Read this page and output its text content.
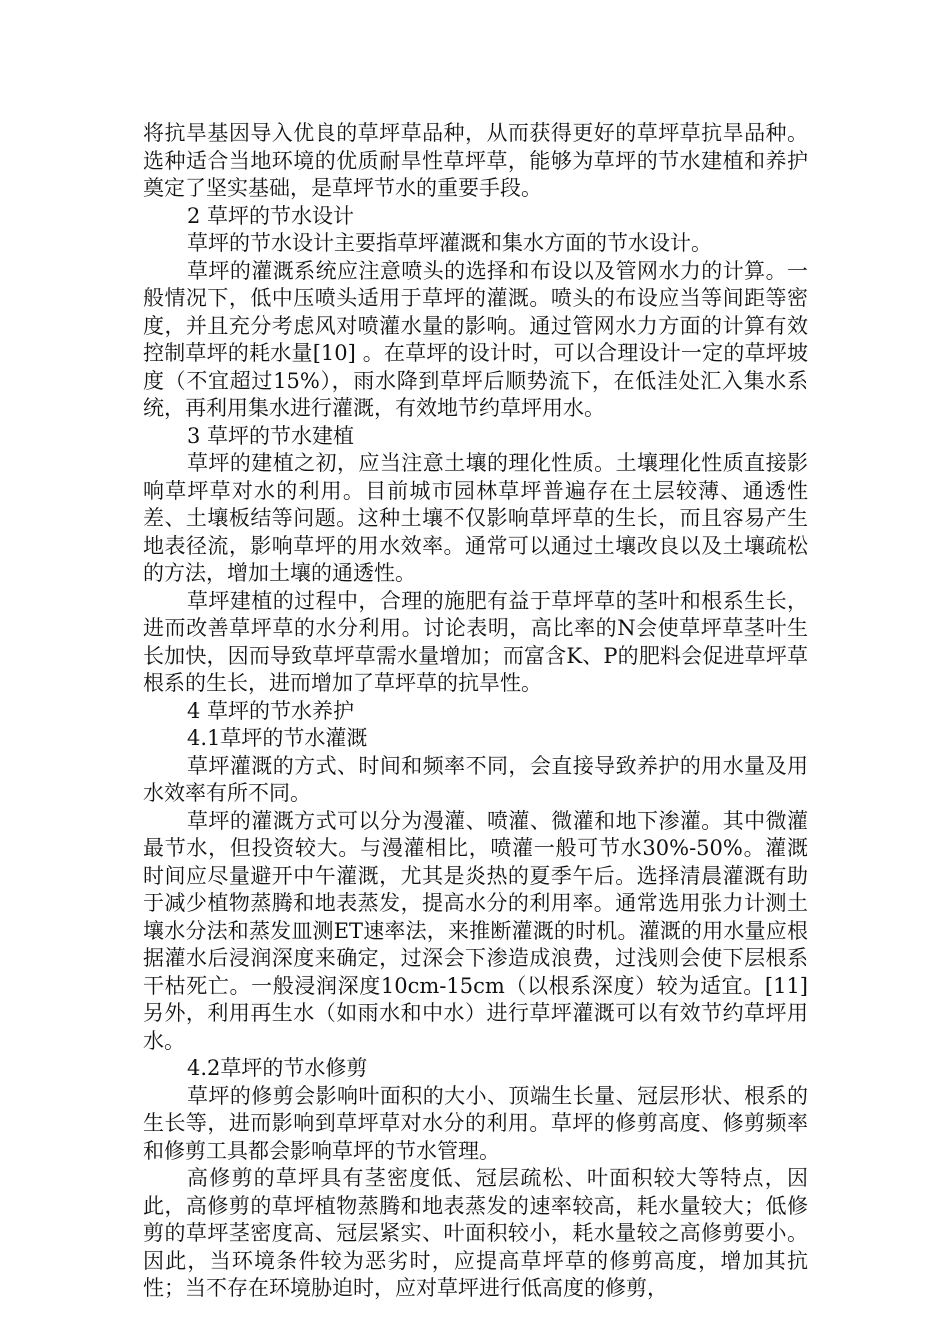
将抗旱基因导入优良的草坪草品种，从而获得更好的草坪草抗旱品种。选种适合当地环境的优质耐旱性草坪草，能够为草坪的节水建植和养护奠定了坚实基础，是草坪节水的重要手段。

2 草坪的节水设计

草坪的节水设计主要指草坪灌溉和集水方面的节水设计。

草坪的灌溉系统应注意喷头的选择和布设以及管网水力的计算。一般情况下，低中压喷头适用于草坪的灌溉。喷头的布设应当等间距等密度，并且充分考虑风对喷灌水量的影响。通过管网水力方面的计算有效控制草坪的耗水量[10] 。在草坪的设计时，可以合理设计一定的草坪坡度（不宜超过15%），雨水降到草坪后顺势流下，在低洼处汇入集水系统，再利用集水进行灌溉，有效地节约草坪用水。

3 草坪的节水建植

草坪的建植之初，应当注意土壤的理化性质。土壤理化性质直接影响草坪草对水的利用。目前城市园林草坪普遍存在土层较薄、通透性差、土壤板结等问题。这种土壤不仅影响草坪草的生长，而且容易产生地表径流，影响草坪的用水效率。通常可以通过土壤改良以及土壤疏松的方法，增加土壤的通透性。

草坪建植的过程中，合理的施肥有益于草坪草的茎叶和根系生长，进而改善草坪草的水分利用。讨论表明，高比率的N会使草坪草茎叶生长加快，因而导致草坪草需水量增加；而富含K、P的肥料会促进草坪草根系的生长，进而增加了草坪草的抗旱性。

4 草坪的节水养护
4.1草坪的节水灌溉

草坪灌溉的方式、时间和频率不同，会直接导致养护的用水量及用水效率有所不同。

草坪的灌溉方式可以分为漫灌、喷灌、微灌和地下渗灌。其中微灌最节水，但投资较大。与漫灌相比，喷灌一般可节水30%-50%。灌溉时间应尽量避开中午灌溉，尤其是炎热的夏季午后。选择清晨灌溉有助于减少植物蒸腾和地表蒸发，提高水分的利用率。通常选用张力计测土壤水分法和蒸发皿测ET速率法，来推断灌溉的时机。灌溉的用水量应根据灌水后浸润深度来确定，过深会下渗造成浪费，过浅则会使下层根系干枯死亡。一般浸润深度10cm-15cm（以根系深度）较为适宜。[11]另外，利用再生水（如雨水和中水）进行草坪灌溉可以有效节约草坪用水。

4.2草坪的节水修剪

草坪的修剪会影响叶面积的大小、顶端生长量、冠层形状、根系的生长等，进而影响到草坪草对水分的利用。草坪的修剪高度、修剪频率和修剪工具都会影响草坪的节水管理。

高修剪的草坪具有茎密度低、冠层疏松、叶面积较大等特点，因此，高修剪的草坪植物蒸腾和地表蒸发的速率较高，耗水量较大；低修剪的草坪茎密度高、冠层紧实、叶面积较小，耗水量较之高修剪要小。因此，当环境条件较为恶劣时，应提高草坪草的修剪高度，增加其抗性；当不存在环境胁迫时，应对草坪进行低高度的修剪，
